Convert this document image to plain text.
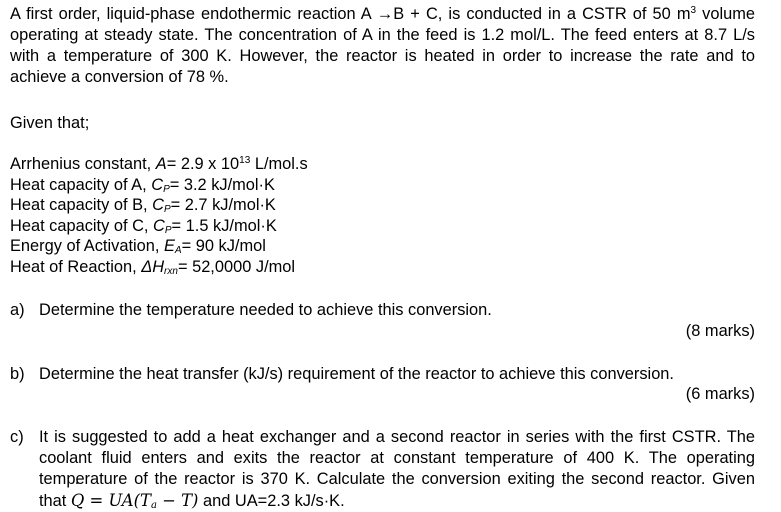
A first order, liquid-phase endothermic reaction A →B + C, is conducted in a CSTR of 50 $m^3$ volume operating at steady state. The concentration of A in the feed is 1.2 mol/L. The feed enters at 8.7 L/s with a temperature of 300 K. However, the reactor is heated in order to increase the rate and to achieve a conversion of 78 %.

Given that;

Arrhenius constant, A= 2.9 x $10^{13}$ L/mol.s
Heat capacity of A, $C_P= 3.2$ kJ/mol·K
Heat capacity of B, $C_P= 2.7$ kJ/mol·K
Heat capacity of C, $C_P= 1.5$ kJ/mol·K
Energy of Activation, $E_A= 90$ kJ/mol
Heat of Reaction, $\Delta H_{rxn}= 52,0000$ J/mol
a) Determine the temperature needed to achieve this conversion.
(8 marks)
b) Determine the heat transfer (kJ/s) requirement of the reactor to achieve this conversion.
(6 marks)
c) It is suggested to add a heat exchanger and a second reactor in series with the first CSTR. The coolant fluid enters and exits the reactor at constant temperature of 400 K. The operating temperature of the reactor is 370 K. Calculate the conversion exiting the second reactor. Given that ˙ $Q = UA(T_a - T)$ and UA=2.3 kJ/s·K.
